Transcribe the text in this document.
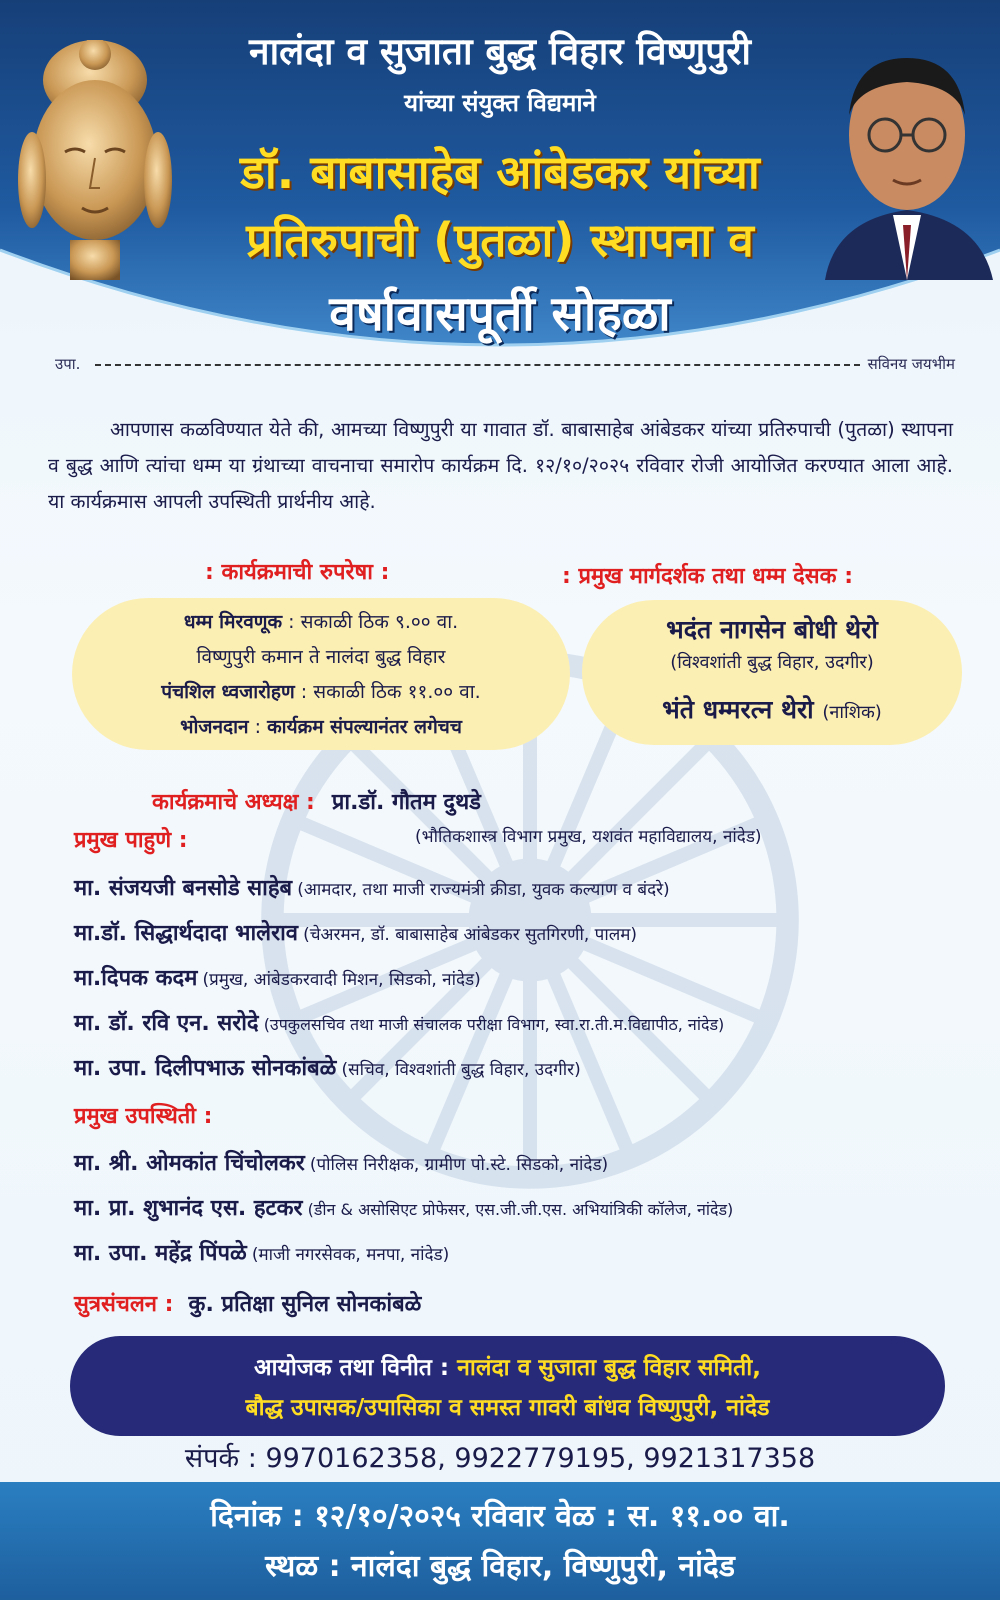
नालंदा व सुजाता बुद्ध विहार विष्णुपुरी
यांच्या संयुक्त विद्यमाने
डॉ. बाबासाहेब आंबेडकर यांच्या
प्रतिरुपाची (पुतळा) स्थापना व
वर्षावासपूर्ती सोहळा
उपा.	सविनय जयभीम

आपणास कळविण्यात येते की, आमच्या विष्णुपुरी या गावात डॉ. बाबासाहेब आंबेडकर यांच्या प्रतिरुपाची (पुतळा) स्थापना व बुद्ध आणि त्यांचा धम्म या ग्रंथाच्या वाचनाचा समारोप कार्यक्रम दि. १२/१०/२०२५ रविवार रोजी आयोजित करण्यात आला आहे. या कार्यक्रमास आपली उपस्थिती प्रार्थनीय आहे.

: कार्यक्रमाची रुपरेषा :
धम्म मिरवणूक : सकाळी ठिक ९.०० वा.
विष्णुपुरी कमान ते नालंदा बुद्ध विहार
पंचशिल ध्वजारोहण : सकाळी ठिक ११.०० वा.
भोजनदान : कार्यक्रम संपल्यानंतर लगेचच
: प्रमुख मार्गदर्शक तथा धम्म देसक :
भदंत नागसेन बोधी थेरो
(विश्वशांती बुद्ध विहार, उदगीर)
भंते धम्मरत्न थेरो (नाशिक)
कार्यक्रमाचे अध्यक्ष : प्रा.डॉ. गौतम दुथडे
(भौतिकशास्त्र विभाग प्रमुख, यशवंत महाविद्यालय, नांदेड)
प्रमुख पाहुणे :
मा. संजयजी बनसोडे साहेब (आमदार, तथा माजी राज्यमंत्री क्रीडा, युवक कल्याण व बंदरे)
मा.डॉ. सिद्धार्थदादा भालेराव (चेअरमन, डॉ. बाबासाहेब आंबेडकर सुतगिरणी, पालम)
मा.दिपक कदम (प्रमुख, आंबेडकरवादी मिशन, सिडको, नांदेड)
मा. डॉ. रवि एन. सरोदे (उपकुलसचिव तथा माजी संचालक परीक्षा विभाग, स्वा.रा.ती.म.विद्यापीठ, नांदेड)
मा. उपा. दिलीपभाऊ सोनकांबळे (सचिव, विश्वशांती बुद्ध विहार, उदगीर)
प्रमुख उपस्थिती :
मा. श्री. ओमकांत चिंचोलकर (पोलिस निरीक्षक, ग्रामीण पो.स्टे. सिडको, नांदेड)
मा. प्रा. शुभानंद एस. हटकर (डीन & असोसिएट प्रोफेसर, एस.जी.जी.एस. अभियांत्रिकी कॉलेज, नांदेड)
मा. उपा. महेंद्र पिंपळे (माजी नगरसेवक, मनपा, नांदेड)
सुत्रसंचलन : कु. प्रतिक्षा सुनिल सोनकांबळे
आयोजक तथा विनीत : नालंदा व सुजाता बुद्ध विहार समिती,
बौद्ध उपासक/उपासिका व समस्त गावरी बांधव विष्णुपुरी, नांदेड
संपर्क : 9970162358, 9922779195, 9921317358
दिनांक : १२/१०/२०२५ रविवार वेळ : स. ११.०० वा.
स्थळ : नालंदा बुद्ध विहार, विष्णुपुरी, नांदेड
